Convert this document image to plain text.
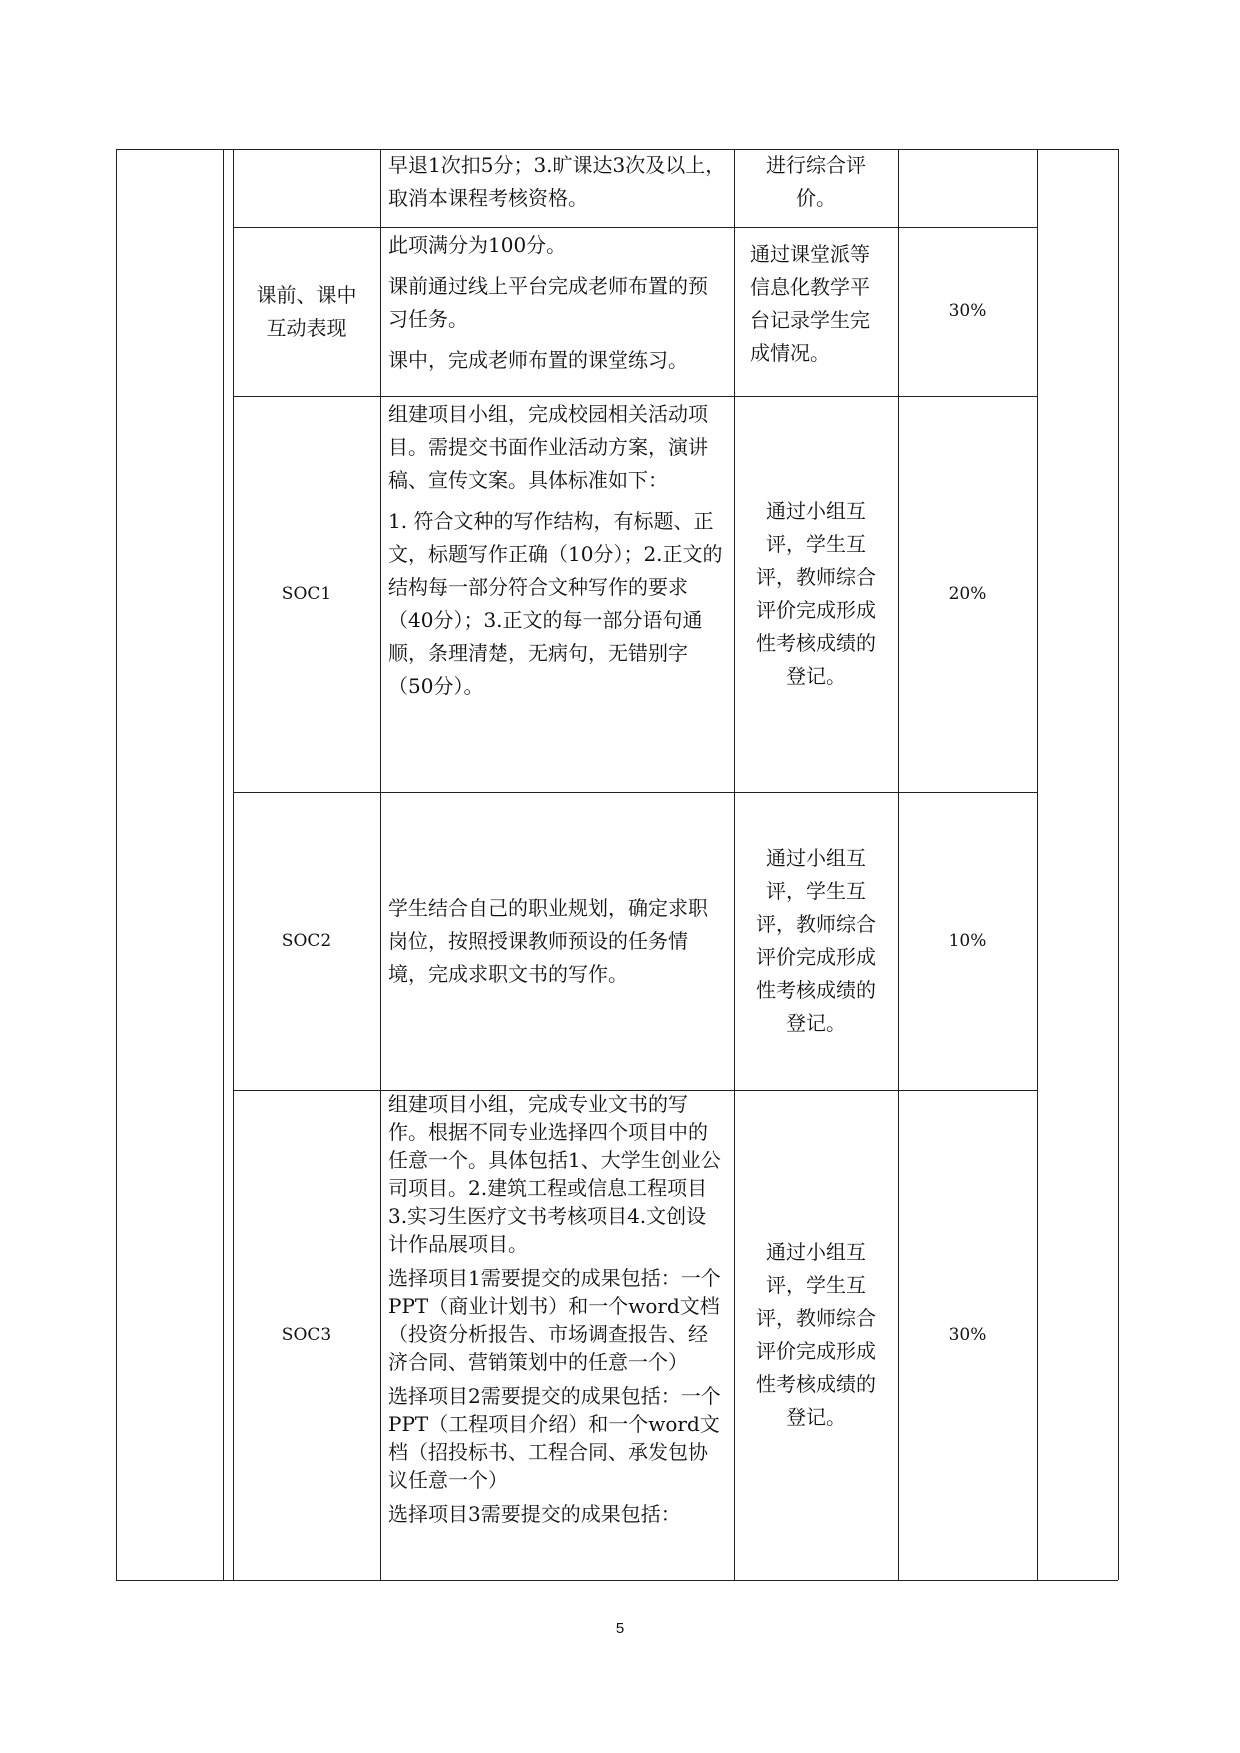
早退1次扣5分；3.旷课达3次及以上，取消本课程考核资格。

进行综合评价。
课前、课中互动表现

此项满分为100分。

课前通过线上平台完成老师布置的预习任务。

课中，完成老师布置的课堂练习。

通过课堂派等信息化教学平台记录学生完成情况。
30%
SOC1

组建项目小组，完成校园相关活动项目。需提交书面作业活动方案，演讲稿、宣传文案。具体标准如下：

1. 符合文种的写作结构，有标题、正文，标题写作正确（10分）；2.正文的结构每一部分符合文种写作的要求（40分）；3.正文的每一部分语句通顺，条理清楚，无病句，无错别字（50分）。

通过小组互评，学生互评，教师综合评价完成形成性考核成绩的登记。
20%
SOC2

学生结合自己的职业规划，确定求职岗位，按照授课教师预设的任务情境，完成求职文书的写作。

通过小组互评，学生互评，教师综合评价完成形成性考核成绩的登记。
10%
SOC3

组建项目小组，完成专业文书的写作。根据不同专业选择四个项目中的任意一个。具体包括1、大学生创业公司项目。2.建筑工程或信息工程项目3.实习生医疗文书考核项目4.文创设计作品展项目。

选择项目1需要提交的成果包括：一个PPT（商业计划书）和一个word文档（投资分析报告、市场调查报告、经济合同、营销策划中的任意一个）

选择项目2需要提交的成果包括：一个PPT（工程项目介绍）和一个word文档（招投标书、工程合同、承发包协议任意一个）

选择项目3需要提交的成果包括：

通过小组互评，学生互评，教师综合评价完成形成性考核成绩的登记。
30%
5
